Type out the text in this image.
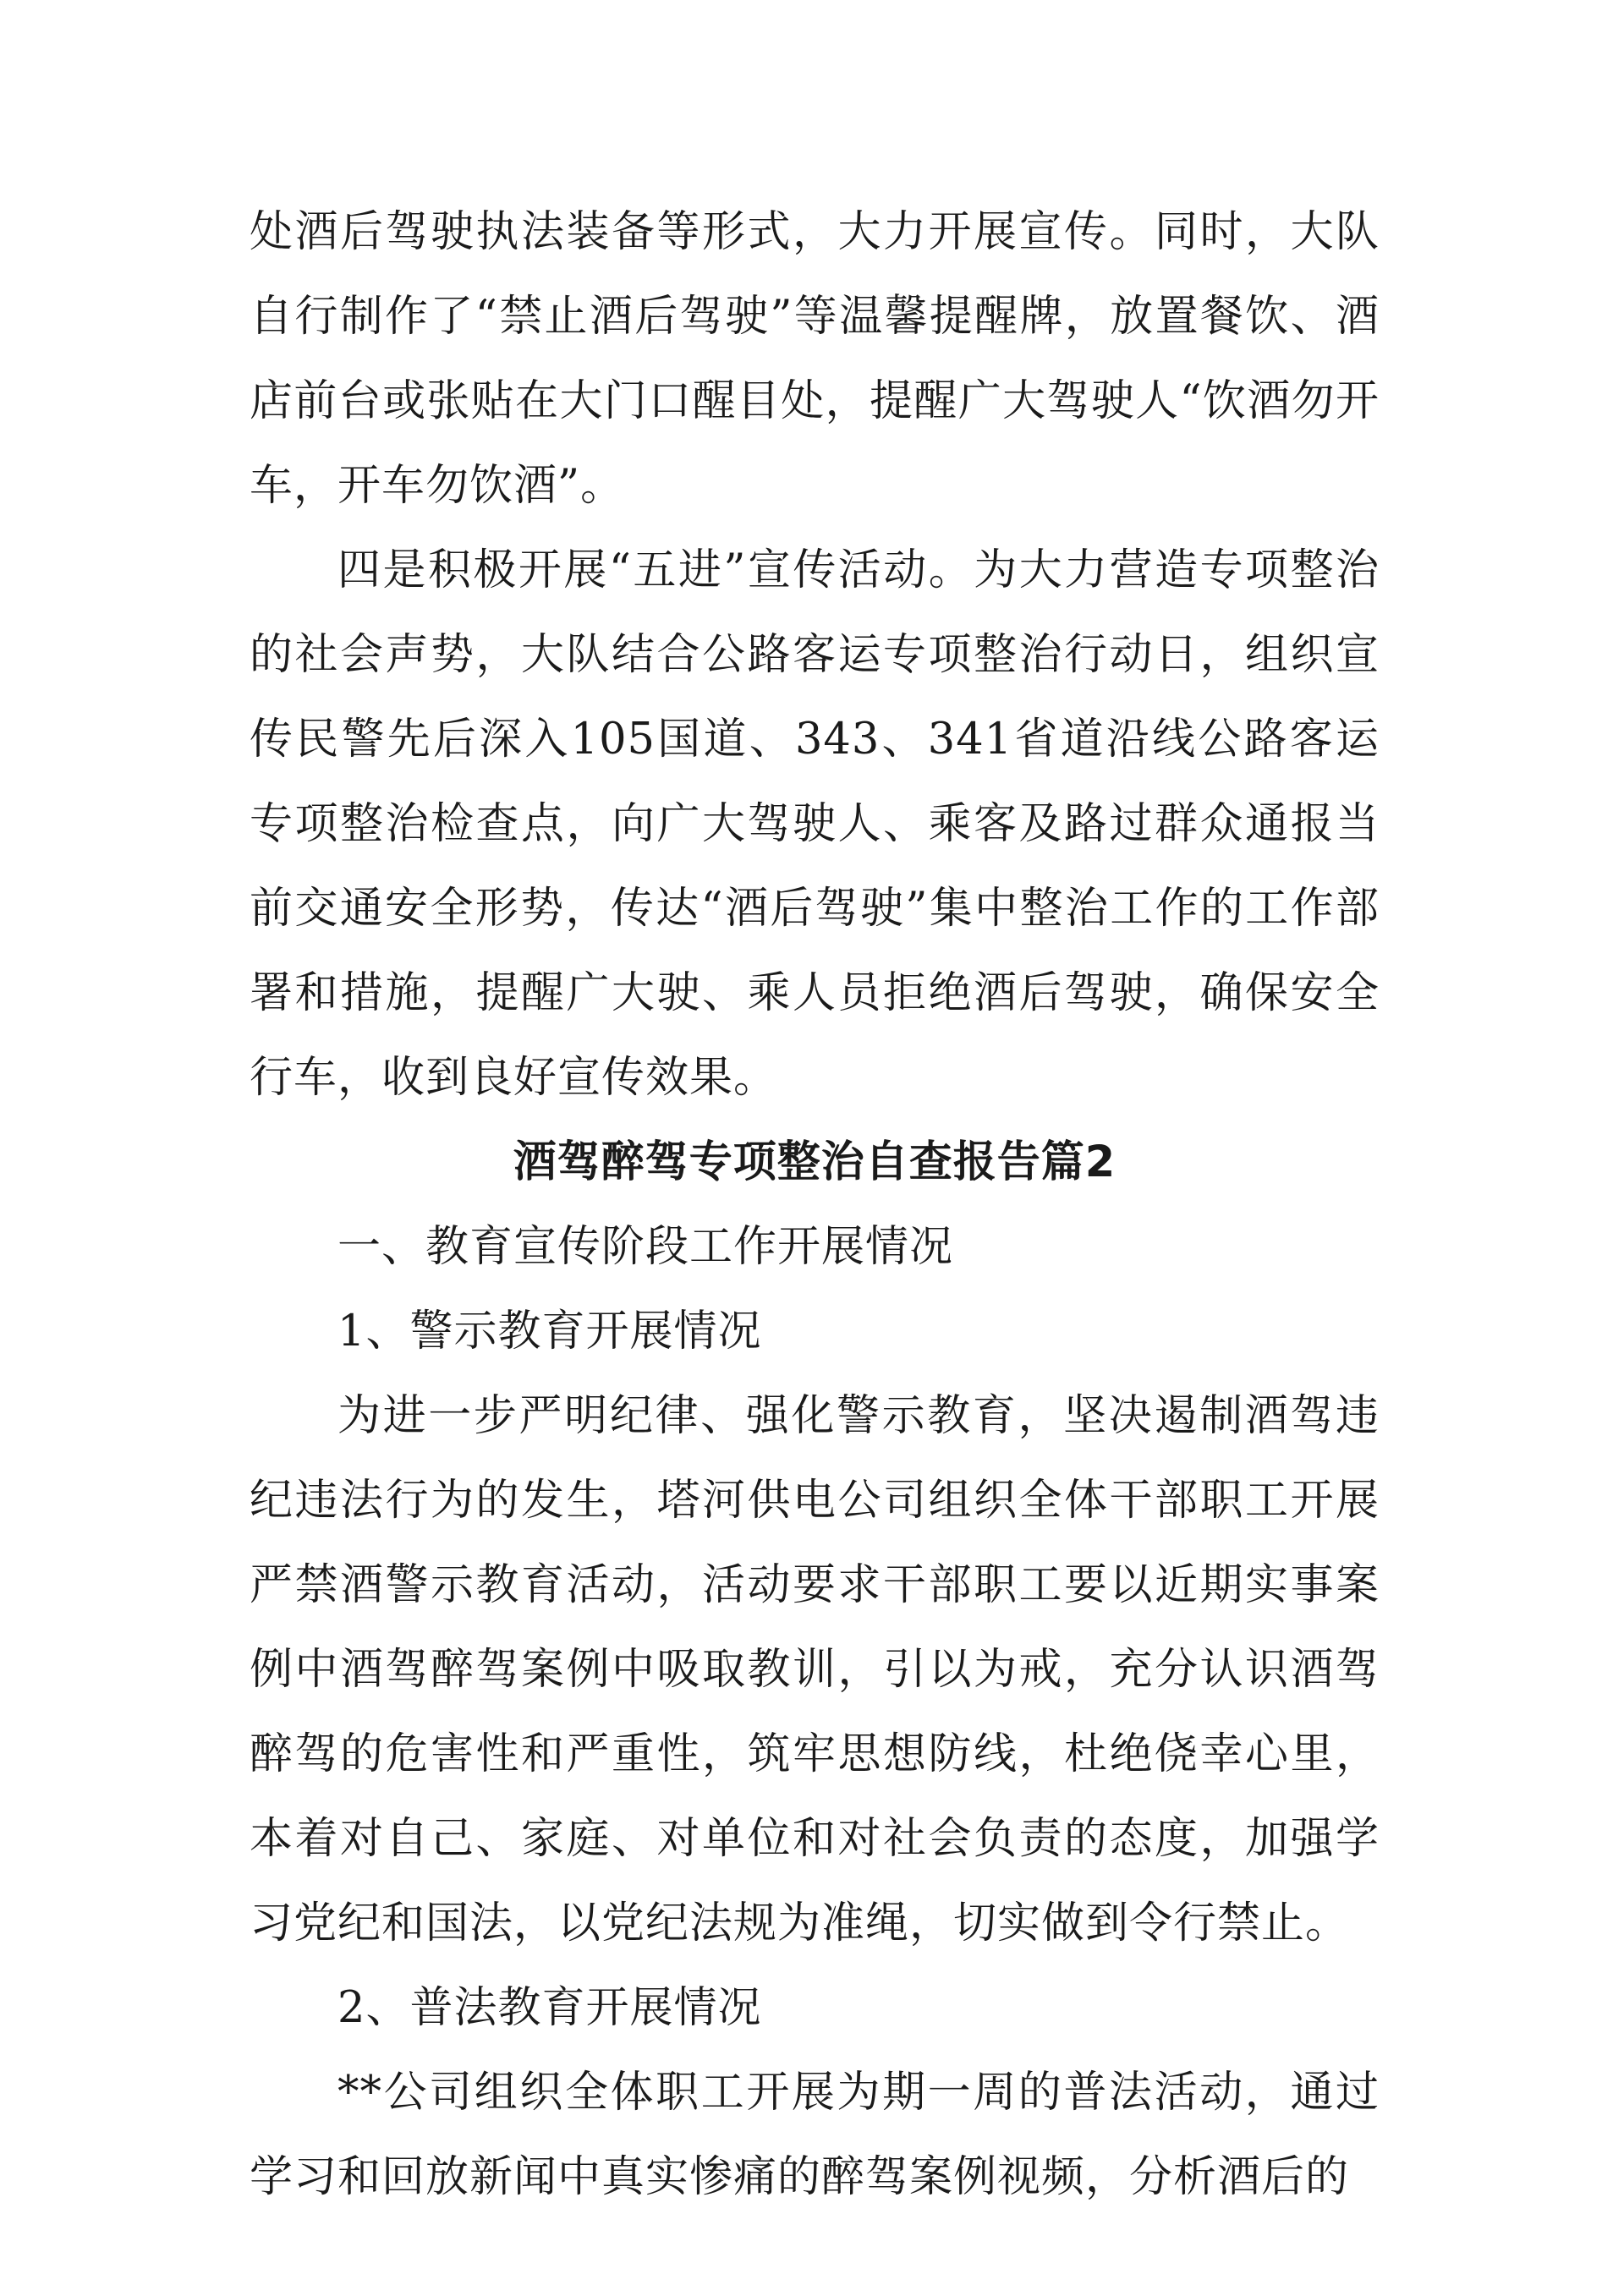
处酒后驾驶执法装备等形式，大力开展宣传。同时，大队自行制作了“禁止酒后驾驶”等温馨提醒牌，放置餐饮、酒店前台或张贴在大门口醒目处，提醒广大驾驶人“饮酒勿开车，开车勿饮酒”。

四是积极开展“五进”宣传活动。为大力营造专项整治的社会声势，大队结合公路客运专项整治行动日，组织宣传民警先后深入105国道、343、341省道沿线公路客运专项整治检查点，向广大驾驶人、乘客及路过群众通报当前交通安全形势，传达“酒后驾驶”集中整治工作的工作部署和措施，提醒广大驶、乘人员拒绝酒后驾驶，确保安全行车，收到良好宣传效果。

酒驾醉驾专项整治自查报告篇2

一、教育宣传阶段工作开展情况

1、警示教育开展情况

为进一步严明纪律、强化警示教育，坚决遏制酒驾违纪违法行为的发生，塔河供电公司组织全体干部职工开展严禁酒警示教育活动，活动要求干部职工要以近期实事案例中酒驾醉驾案例中吸取教训，引以为戒，充分认识酒驾醉驾的危害性和严重性，筑牢思想防线，杜绝侥幸心里，本着对自己、家庭、对单位和对社会负责的态度，加强学习党纪和国法，以党纪法规为准绳，切实做到令行禁止。

2、普法教育开展情况

**公司组织全体职工开展为期一周的普法活动，通过学习和回放新闻中真实惨痛的醉驾案例视频，分析酒后的
